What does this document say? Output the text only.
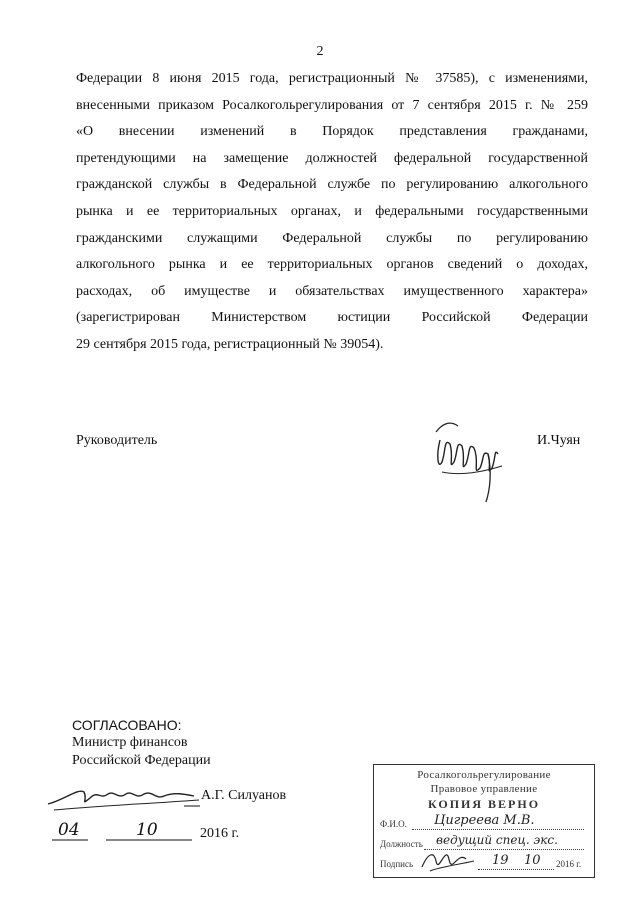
2
Федерации 8 июня 2015 года, регистрационный № 37585), с изменениями,
внесенными приказом Росалкогольрегулирования от 7 сентября 2015 г. № 259
«О внесении изменений в Порядок представления гражданами,
претендующими на замещение должностей федеральной государственной
гражданской службы в Федеральной службе по регулированию алкогольного
рынка и ее территориальных органах, и федеральными государственными
гражданскими служащими Федеральной службы по регулированию
алкогольного рынка и ее территориальных органов сведений о доходах,
расходах, об имуществе и обязательствах имущественного характера»
(зарегистрирован Министерством юстиции Российской Федерации
29 сентября 2015 года, регистрационный № 39054).
Руководитель	И.Чуян
СОГЛАСОВАНО:
Министр финансов
Российской Федерации
А.Г. Силуанов
04	10	2016 г.
Росалкогольрегулирование
Правовое управление
КОПИЯ ВЕРНО
Ф.И.О. Цигреева М.В.
Должность ведущий спец. экс.
Подпись	19 10 2016 г.
